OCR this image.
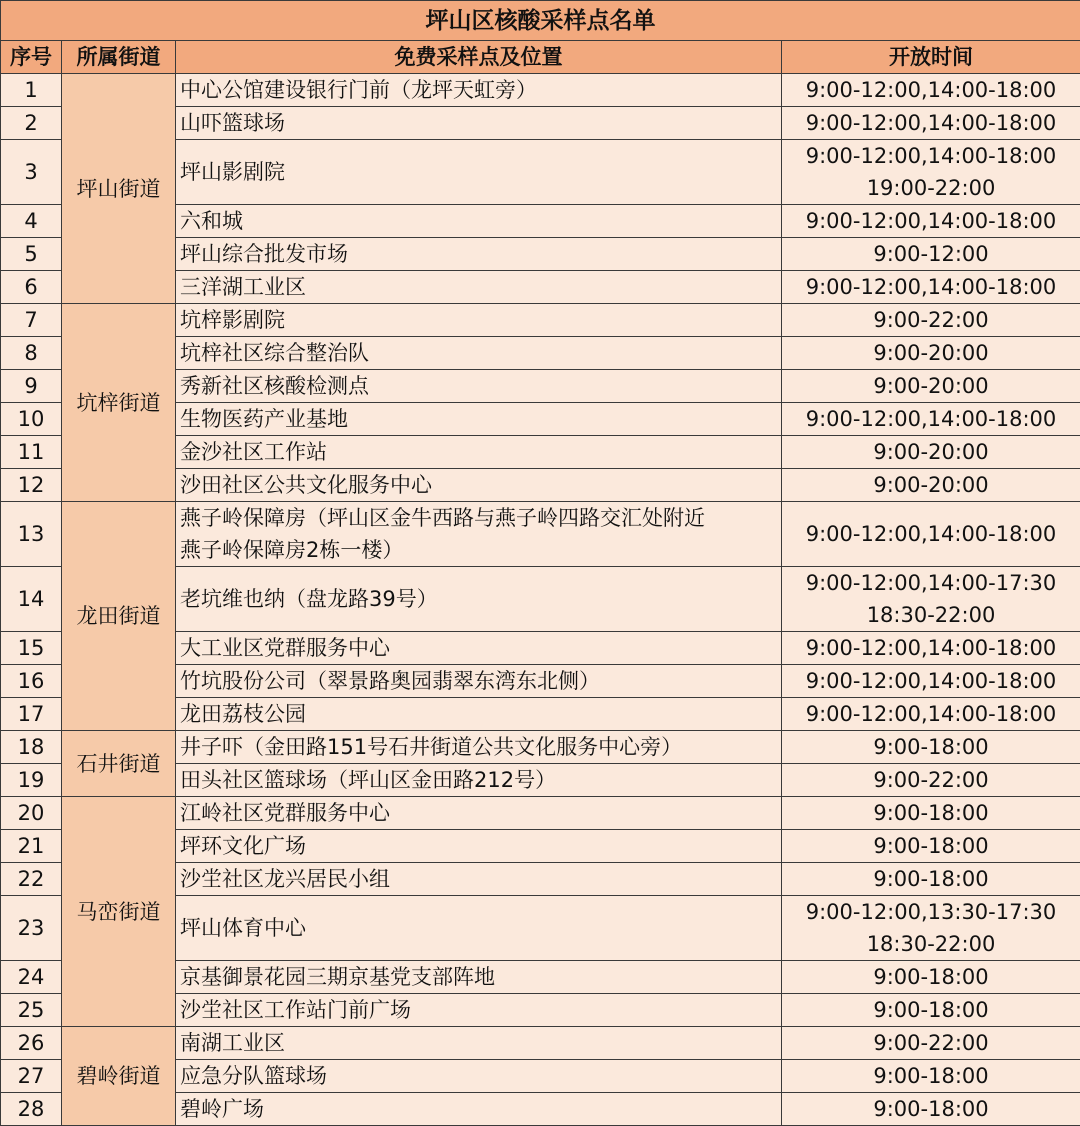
坪山区核酸采样点名单			
序号	所属街道	免费采样点及位置	开放时间
1	坪山街道	中心公馆建设银行门前（龙坪天虹旁）	9:00-12:00,14:00-18:00

2		山吓篮球场	9:00-12:00,14:00-18:00

3		坪山影剧院	9:00-12:00,14:00-18:00
19:00-22:00

4		六和城	9:00-12:00,14:00-18:00

5		坪山综合批发市场	9:00-12:00

6		三洋湖工业区	9:00-12:00,14:00-18:00

7	坑梓街道	坑梓影剧院	9:00-22:00

8		坑梓社区综合整治队	9:00-20:00

9		秀新社区核酸检测点	9:00-20:00

10		生物医药产业基地	9:00-12:00,14:00-18:00

11		金沙社区工作站	9:00-20:00

12		沙田社区公共文化服务中心	9:00-20:00

13	龙田街道	燕子岭保障房（坪山区金牛西路与燕子岭四路交汇处附近
燕子岭保障房2栋一楼）	9:00-12:00,14:00-18:00

14		老坑维也纳（盘龙路39号）	9:00-12:00,14:00-17:30
18:30-22:00

15		大工业区党群服务中心	9:00-12:00,14:00-18:00

16		竹坑股份公司（翠景路奥园翡翠东湾东北侧）	9:00-12:00,14:00-18:00

17		龙田荔枝公园	9:00-12:00,14:00-18:00

18	石井街道	井子吓（金田路151号石井街道公共文化服务中心旁）	9:00-18:00

19		田头社区篮球场（坪山区金田路212号）	9:00-22:00

20	马峦街道	江岭社区党群服务中心	9:00-18:00

21		坪环文化广场	9:00-18:00

22		沙坣社区龙兴居民小组	9:00-18:00

23		坪山体育中心	9:00-12:00,13:30-17:30
18:30-22:00

24		京基御景花园三期京基党支部阵地	9:00-18:00

25		沙坣社区工作站门前广场	9:00-18:00

26	碧岭街道	南湖工业区	9:00-22:00

27		应急分队篮球场	9:00-18:00

28		碧岭广场	9:00-18:00
